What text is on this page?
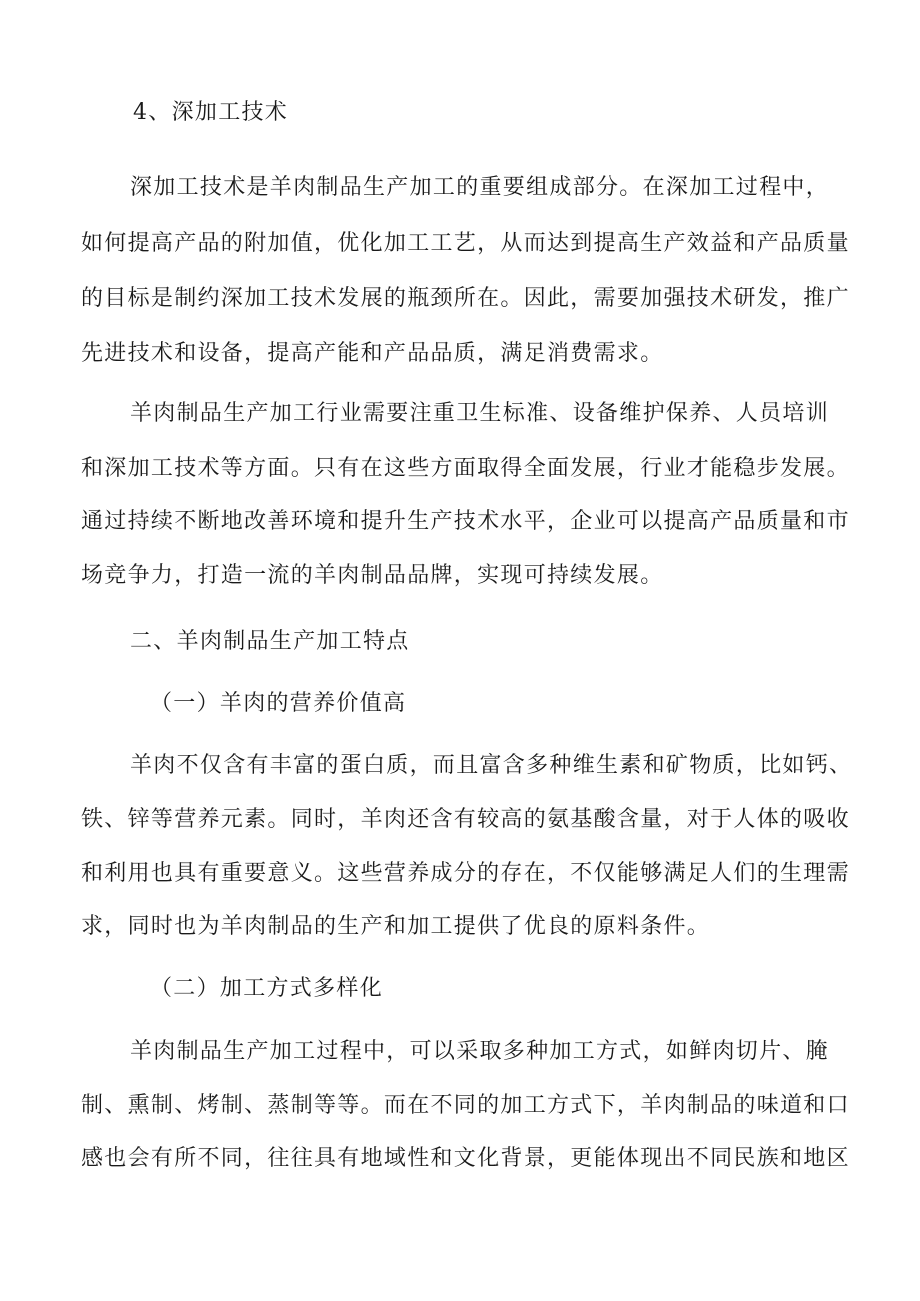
4、深加工技术
深加工技术是羊肉制品生产加工的重要组成部分。在深加工过程中，
如何提高产品的附加值，优化加工工艺，从而达到提高生产效益和产品质量
的目标是制约深加工技术发展的瓶颈所在。因此，需要加强技术研发，推广
先进技术和设备，提高产能和产品品质，满足消费需求。
羊肉制品生产加工行业需要注重卫生标准、设备维护保养、人员培训
和深加工技术等方面。只有在这些方面取得全面发展，行业才能稳步发展。
通过持续不断地改善环境和提升生产技术水平，企业可以提高产品质量和市
场竞争力，打造一流的羊肉制品品牌，实现可持续发展。
二、羊肉制品生产加工特点
（一）羊肉的营养价值高
羊肉不仅含有丰富的蛋白质，而且富含多种维生素和矿物质，比如钙、
铁、锌等营养元素。同时，羊肉还含有较高的氨基酸含量，对于人体的吸收
和利用也具有重要意义。这些营养成分的存在，不仅能够满足人们的生理需
求，同时也为羊肉制品的生产和加工提供了优良的原料条件。
（二）加工方式多样化
羊肉制品生产加工过程中，可以采取多种加工方式，如鲜肉切片、腌
制、熏制、烤制、蒸制等等。而在不同的加工方式下，羊肉制品的味道和口
感也会有所不同，往往具有地域性和文化背景，更能体现出不同民族和地区
